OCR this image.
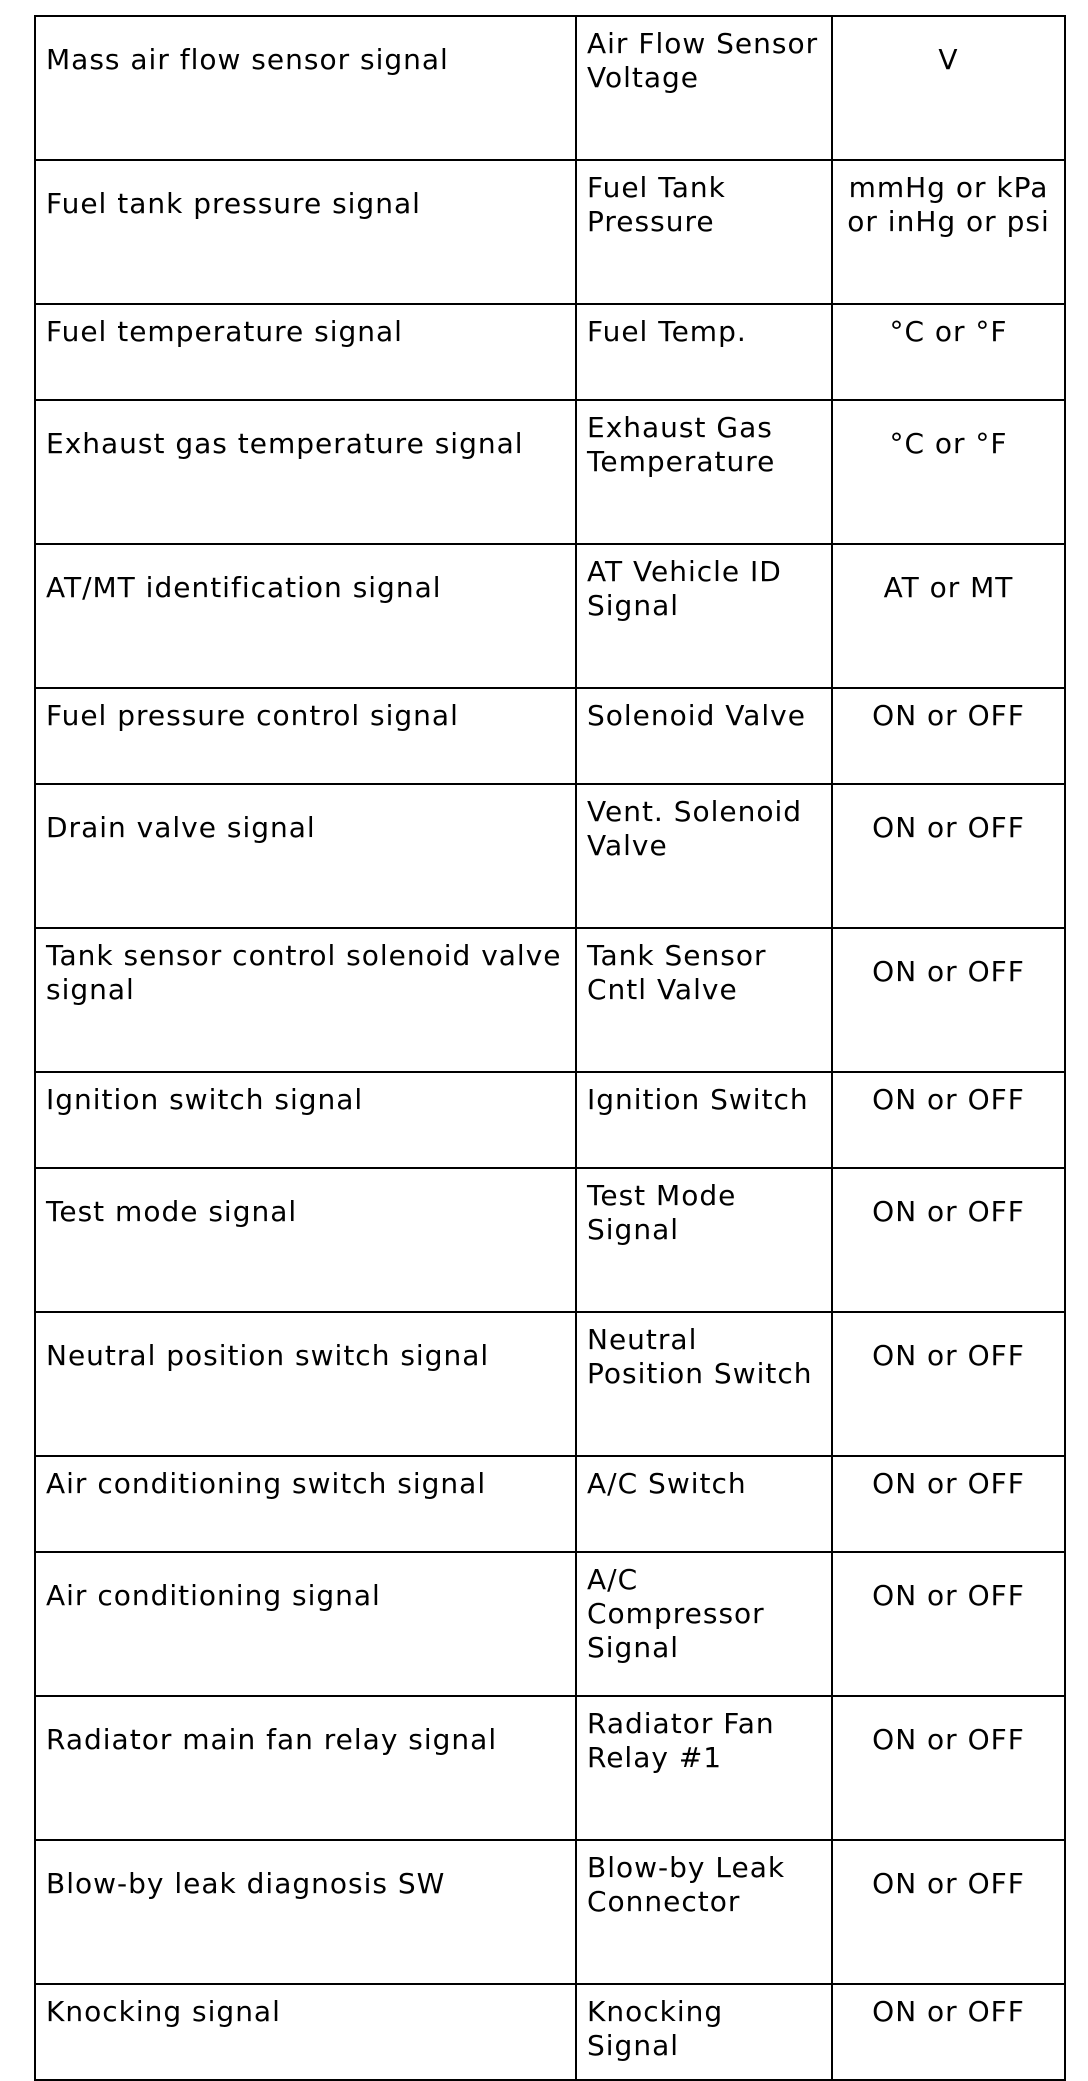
Mass air flow sensor signal	Air Flow Sensor Voltage	V

Fuel tank pressure signal	Fuel Tank Pressure	mmHg or kPa or inHg or psi

Fuel temperature signal	Fuel Temp.	°C or °F

Exhaust gas temperature signal	Exhaust Gas Temperature	°C or °F

AT/MT identification signal	AT Vehicle ID Signal	AT or MT

Fuel pressure control signal	Solenoid Valve	ON or OFF

Drain valve signal	Vent. Solenoid Valve	ON or OFF

Tank sensor control solenoid valve signal	Tank Sensor Cntl Valve	ON or OFF

Ignition switch signal	Ignition Switch	ON or OFF

Test mode signal	Test Mode Signal	ON or OFF

Neutral position switch signal	Neutral Position Switch	ON or OFF

Air conditioning switch signal	A/C Switch	ON or OFF

Air conditioning signal	A/C Compressor Signal	ON or OFF

Radiator main fan relay signal	Radiator Fan Relay #1	ON or OFF

Blow-by leak diagnosis SW	Blow-by Leak Connector	ON or OFF

Knocking signal	Knocking Signal	ON or OFF
